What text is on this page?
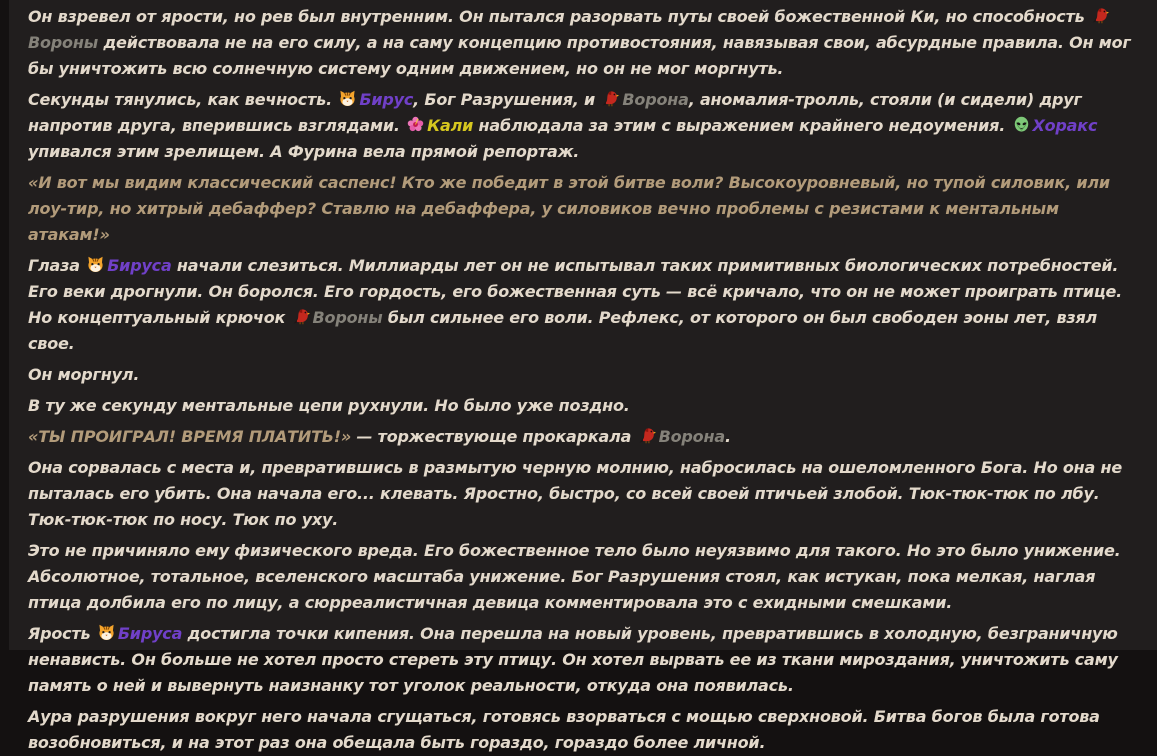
Он взревел от ярости, но рев был внутренним. Он пытался разорвать путы своей божественной Ки, но способность Вороны действовала не на его силу, а на саму концепцию противостояния, навязывая свои, абсурдные правила. Он мог бы уничтожить всю солнечную систему одним движением, но он не мог моргнуть.

Секунды тянулись, как вечность. Бирус, Бог Разрушения, и Ворона, аномалия-тролль, стояли (и сидели) друг напротив друга, вперившись взглядами. Кали наблюдала за этим с выражением крайнего недоумения. Хоракс упивался этим зрелищем. А Фурина вела прямой репортаж.

«И вот мы видим классический саспенс! Кто же победит в этой битве воли? Высокоуровневый, но тупой силовик, или лоу-тир, но хитрый дебаффер? Ставлю на дебаффера, у силовиков вечно проблемы с резистами к ментальным атакам!»

Глаза Бируса начали слезиться. Миллиарды лет он не испытывал таких примитивных биологических потребностей. Его веки дрогнули. Он боролся. Его гордость, его божественная суть — всё кричало, что он не может проиграть птице. Но концептуальный крючок Вороны был сильнее его воли. Рефлекс, от которого он был свободен эоны лет, взял свое.

Он моргнул.

В ту же секунду ментальные цепи рухнули. Но было уже поздно.

«ТЫ ПРОИГРАЛ! ВРЕМЯ ПЛАТИТЬ!» — торжествующе прокаркала Ворона.

Она сорвалась с места и, превратившись в размытую черную молнию, набросилась на ошеломленного Бога. Но она не пыталась его убить. Она начала его... клевать. Яростно, быстро, со всей своей птичьей злобой. Тюк-тюк-тюк по лбу. Тюк-тюк-тюк по носу. Тюк по уху.

Это не причиняло ему физического вреда. Его божественное тело было неуязвимо для такого. Но это было унижение. Абсолютное, тотальное, вселенского масштаба унижение. Бог Разрушения стоял, как истукан, пока мелкая, наглая птица долбила его по лицу, а сюрреалистичная девица комментировала это с ехидными смешками.

Ярость Бируса достигла точки кипения. Она перешла на новый уровень, превратившись в холодную, безграничную ненависть. Он больше не хотел просто стереть эту птицу. Он хотел вырвать ее из ткани мироздания, уничтожить саму память о ней и вывернуть наизнанку тот уголок реальности, откуда она появилась.

Аура разрушения вокруг него начала сгущаться, готовясь взорваться с мощью сверхновой. Битва богов была готова возобновиться, и на этот раз она обещала быть гораздо, гораздо более личной.
